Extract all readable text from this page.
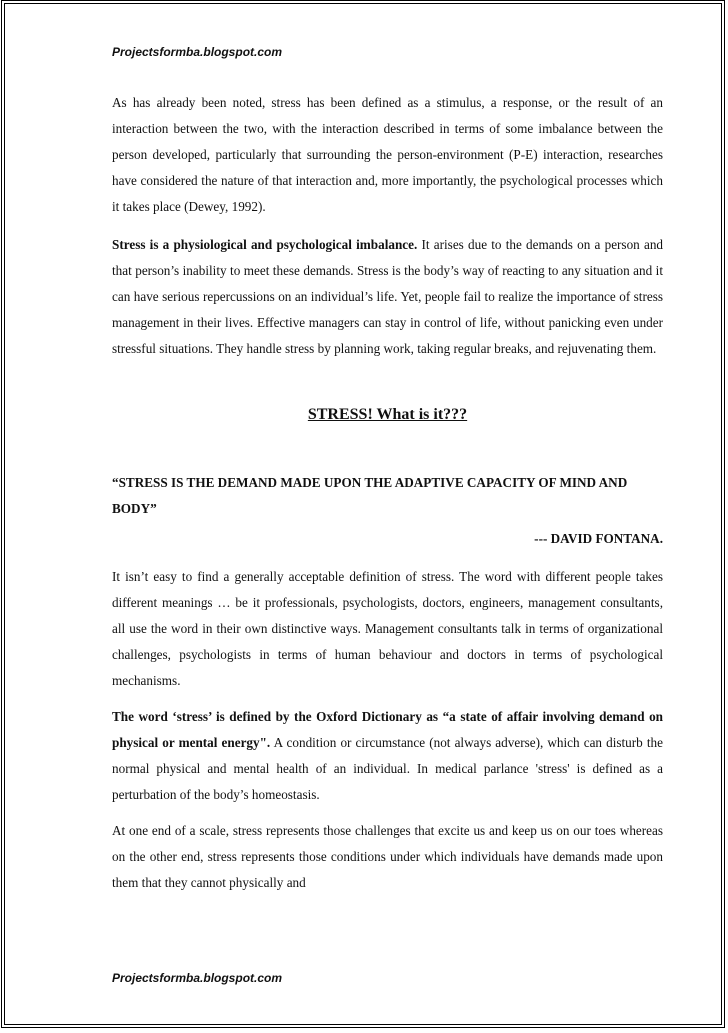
Projectsformba.blogspot.com

As has already been noted, stress has been defined as a stimulus, a response, or the result of an interaction between the two, with the interaction described in terms of some imbalance between the person developed, particularly that surrounding the person-environment (P-E) interaction, researches have considered the nature of that interaction and, more importantly, the psychological processes which it takes place (Dewey, 1992).

Stress is a physiological and psychological imbalance. It arises due to the demands on a person and that person’s inability to meet these demands. Stress is the body’s way of reacting to any situation and it can have serious repercussions on an individual’s life. Yet, people fail to realize the importance of stress management in their lives. Effective managers can stay in control of life, without panicking even under stressful situations. They handle stress by planning work, taking regular breaks, and rejuvenating them.

STRESS! What is it???

“STRESS IS THE DEMAND MADE UPON THE ADAPTIVE CAPACITY OF MIND AND BODY”

--- DAVID FONTANA.

It isn’t easy to find a generally acceptable definition of stress. The word with different people takes different meanings … be it professionals, psychologists, doctors, engineers, management consultants, all use the word in their own distinctive ways. Management consultants talk in terms of organizational challenges, psychologists in terms of human behaviour and doctors in terms of psychological mechanisms.

The word ‘stress’ is defined by the Oxford Dictionary as “a state of affair involving demand on physical or mental energy". A condition or circumstance (not always adverse), which can disturb the normal physical and mental health of an individual. In medical parlance 'stress' is defined as a perturbation of the body’s homeostasis.

At one end of a scale, stress represents those challenges that excite us and keep us on our toes whereas on the other end, stress represents those conditions under which individuals have demands made upon them that they cannot physically and

Projectsformba.blogspot.com
